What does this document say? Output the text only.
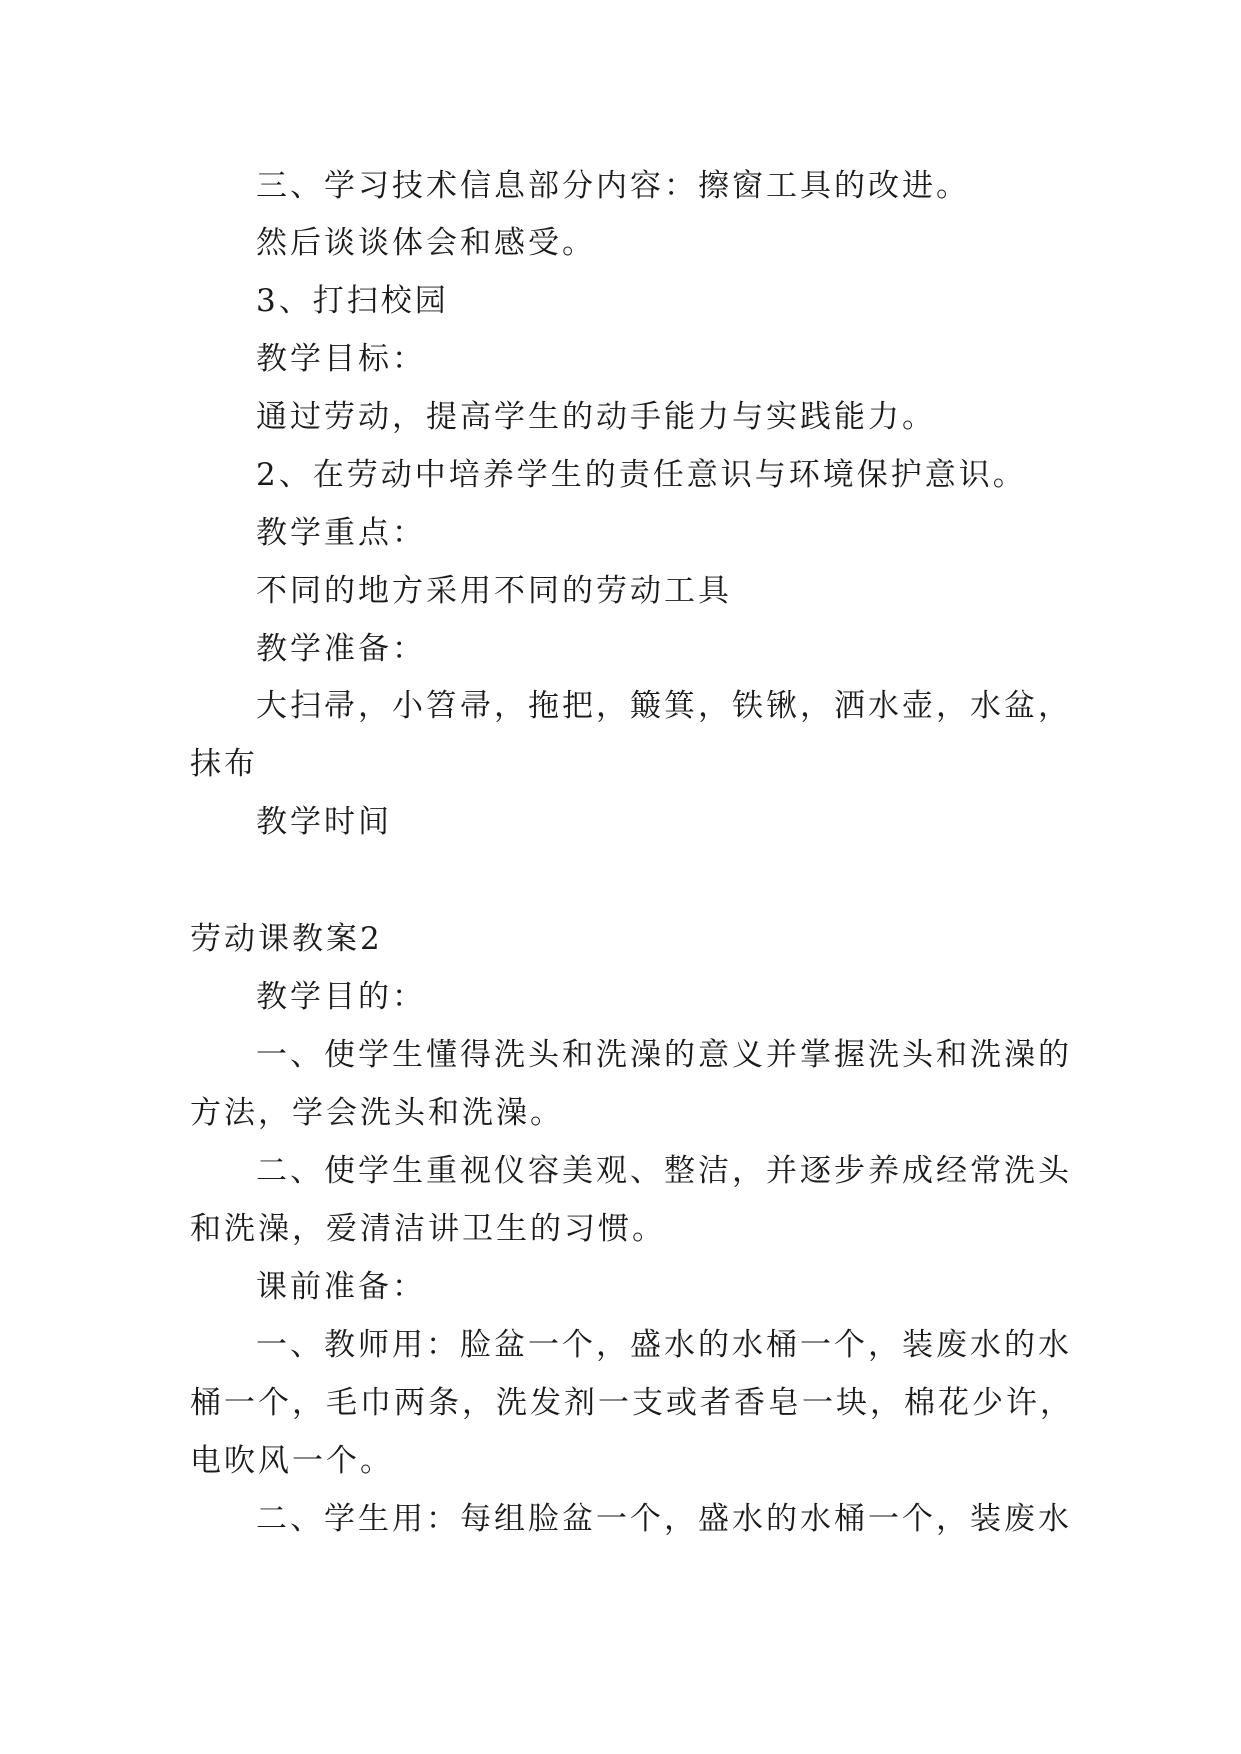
三、学习技术信息部分内容：擦窗工具的改进。
然后谈谈体会和感受。
3、打扫校园
教学目标：
通过劳动，提高学生的动手能力与实践能力。
2、在劳动中培养学生的责任意识与环境保护意识。
教学重点：
不同的地方采用不同的劳动工具
教学准备：
大扫帚，小笤帚，拖把，簸箕，铁锹，洒水壶，水盆，
抹布
教学时间
劳动课教案2
教学目的：
一、使学生懂得洗头和洗澡的意义并掌握洗头和洗澡的
方法，学会洗头和洗澡。
二、使学生重视仪容美观、整洁，并逐步养成经常洗头
和洗澡，爱清洁讲卫生的习惯。
课前准备：
一、教师用：脸盆一个，盛水的水桶一个，装废水的水
桶一个，毛巾两条，洗发剂一支或者香皂一块，棉花少许，
电吹风一个。
二、学生用：每组脸盆一个，盛水的水桶一个，装废水
